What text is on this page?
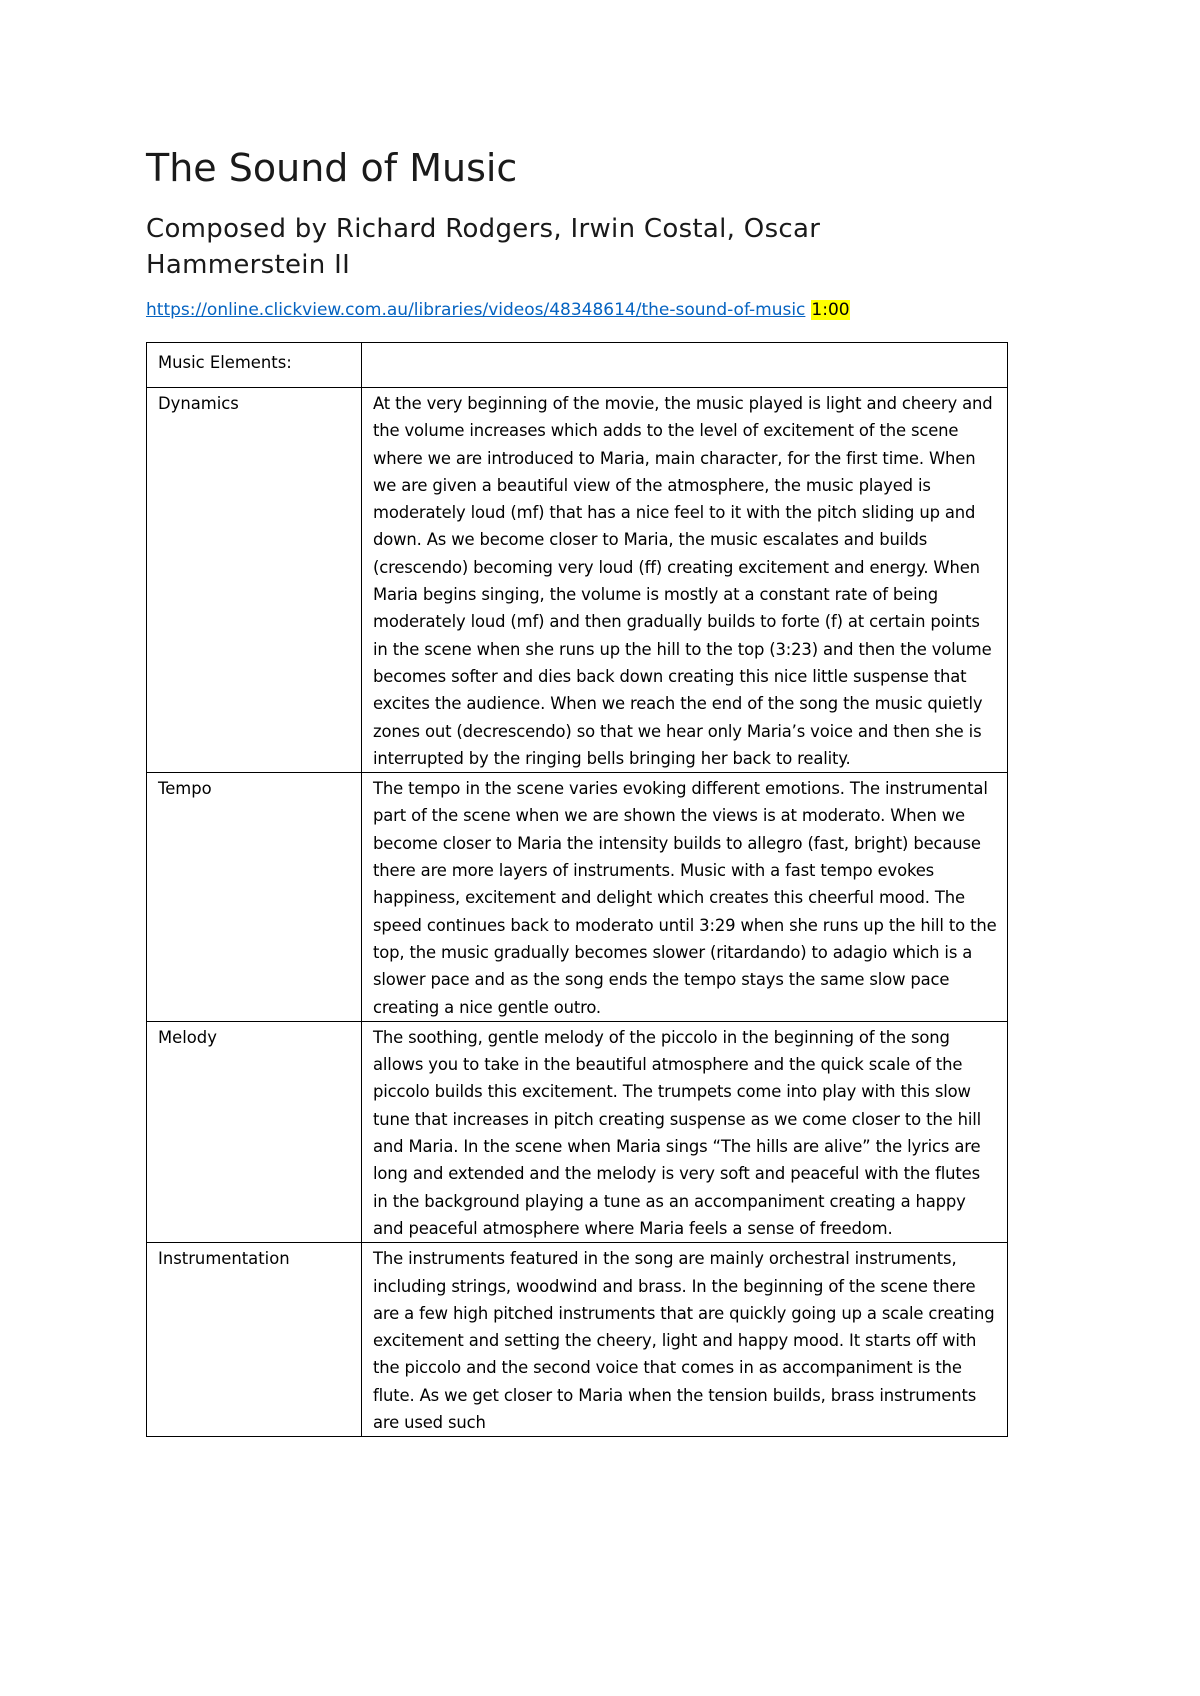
The Sound of Music
Composed by Richard Rodgers, Irwin Costal, Oscar Hammerstein II
https://online.clickview.com.au/libraries/videos/48348614/the-sound-of-music 1:00
Music Elements:	
Dynamics	At the very beginning of the movie, the music played is light and cheery and the volume increases which adds to the level of excitement of the scene where we are introduced to Maria, main character, for the first time. When we are given a beautiful view of the atmosphere, the music played is moderately loud (mf) that has a nice feel to it with the pitch sliding up and down. As we become closer to Maria, the music escalates and builds (crescendo) becoming very loud (ff) creating excitement and energy. When Maria begins singing, the volume is mostly at a constant rate of being moderately loud (mf) and then gradually builds to forte (f) at certain points in the scene when she runs up the hill to the top (3:23) and then the volume becomes softer and dies back down creating this nice little suspense that excites the audience. When we reach the end of the song the music quietly zones out (decrescendo) so that we hear only Maria’s voice and then she is interrupted by the ringing bells bringing her back to reality.
Tempo	The tempo in the scene varies evoking different emotions. The instrumental part of the scene when we are shown the views is at moderato. When we become closer to Maria the intensity builds to allegro (fast, bright) because there are more layers of instruments. Music with a fast tempo evokes happiness, excitement and delight which creates this cheerful mood. The speed continues back to moderato until 3:29 when she runs up the hill to the top, the music gradually becomes slower (ritardando) to adagio which is a slower pace and as the song ends the tempo stays the same slow pace creating a nice gentle outro.
Melody	The soothing, gentle melody of the piccolo in the beginning of the song allows you to take in the beautiful atmosphere and the quick scale of the piccolo builds this excitement. The trumpets come into play with this slow tune that increases in pitch creating suspense as we come closer to the hill and Maria. In the scene when Maria sings “The hills are alive” the lyrics are long and extended and the melody is very soft and peaceful with the flutes in the background playing a tune as an accompaniment creating a happy and peaceful atmosphere where Maria feels a sense of freedom.
Instrumentation	The instruments featured in the song are mainly orchestral instruments, including strings, woodwind and brass. In the beginning of the scene there are a few high pitched instruments that are quickly going up a scale creating excitement and setting the cheery, light and happy mood. It starts off with the piccolo and the second voice that comes in as accompaniment is the flute. As we get closer to Maria when the tension builds, brass instruments are used such
